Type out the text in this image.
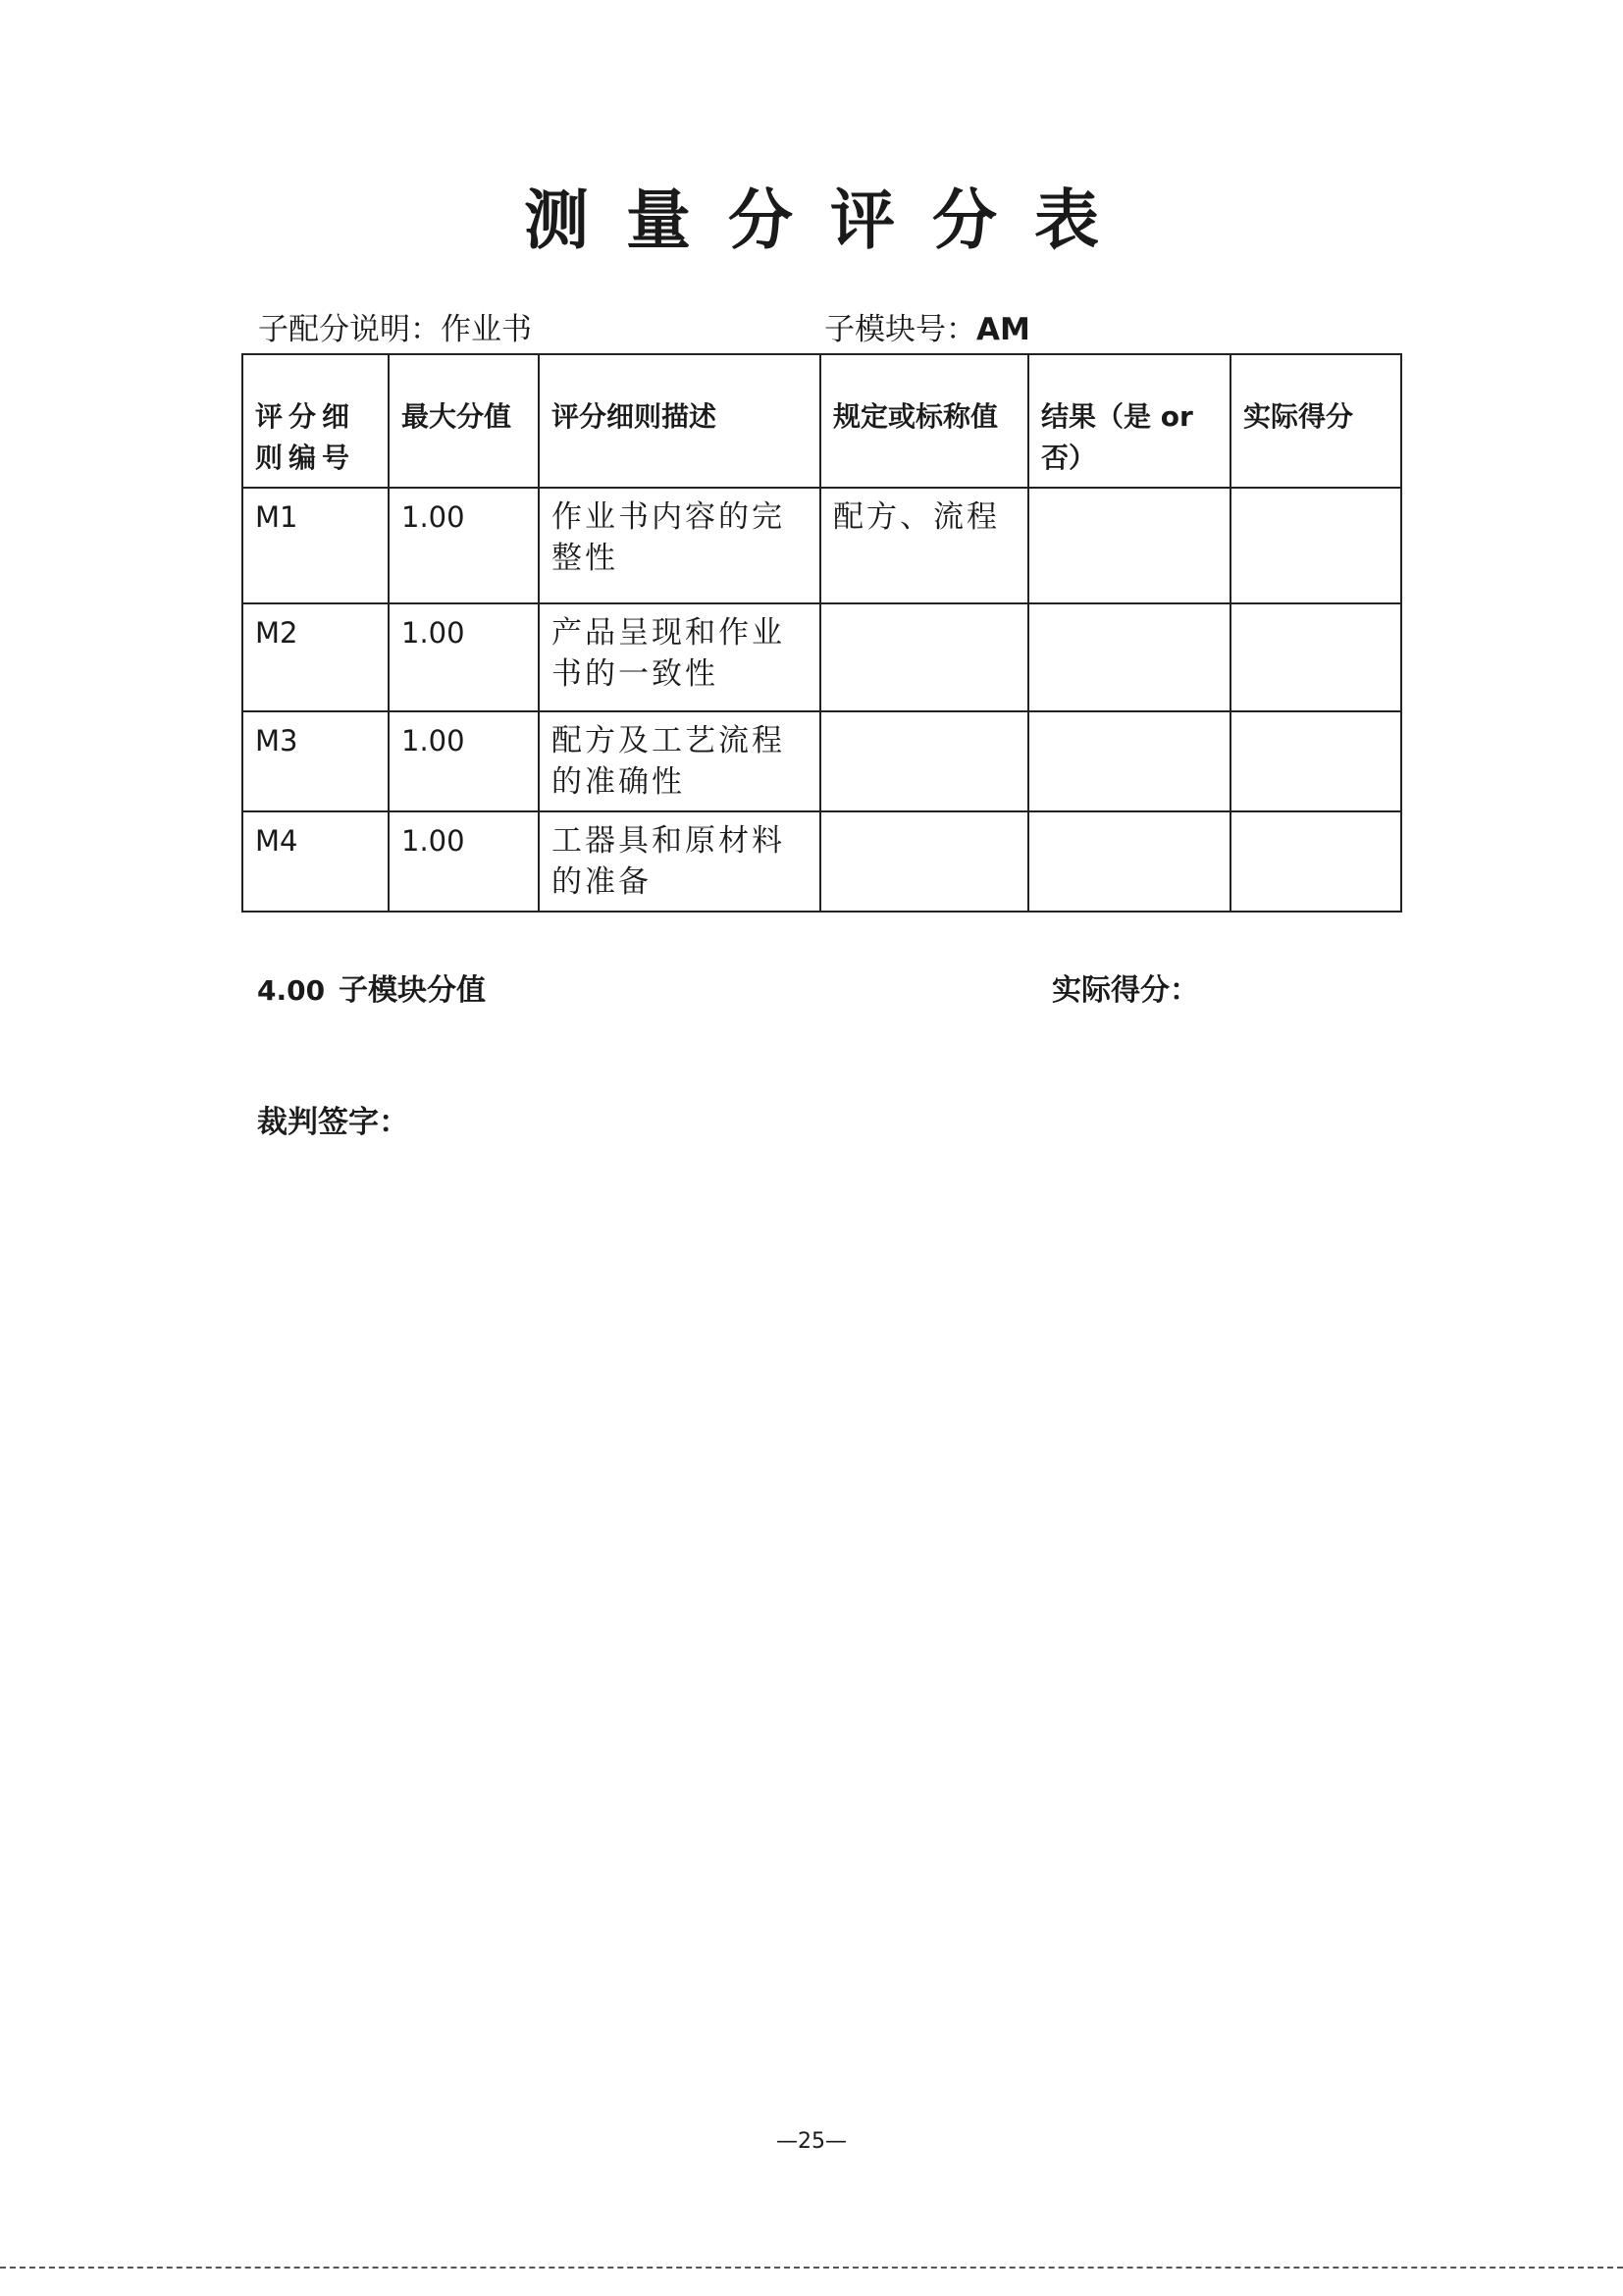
测量分评分表
子配分说明：作业书	子模块号：AM
评分细则编号	最大分值	评分细则描述	规定或标称值	结果（是 or 否）	实际得分
M1	1.00	作业书内容的完整性	配方、流程		
M2	1.00	产品呈现和作业书的一致性			
M3	1.00	配方及工艺流程的准确性			
M4	1.00	工器具和原材料的准备			
4.00 子模块分值	实际得分：
裁判签字：
—25—
